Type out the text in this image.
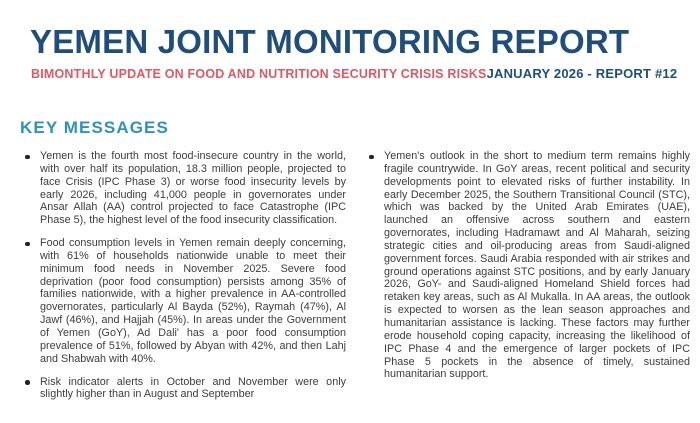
YEMEN JOINT MONITORING REPORT
BIMONTHLY UPDATE ON FOOD AND NUTRITION SECURITY CRISIS RISKS JANUARY 2026 - REPORT #12
KEY MESSAGES
Yemen is the fourth most food-insecure country in the world, with over half its population, 18.3 million people, projected to face Crisis (IPC Phase 3) or worse food insecurity levels by early 2026, including 41,000 people in governorates under Ansar Allah (AA) control projected to face Catastrophe (IPC Phase 5), the highest level of the food insecurity classification.
Food consumption levels in Yemen remain deeply concerning, with 61% of households nationwide unable to meet their minimum food needs in November 2025. Severe food deprivation (poor food consumption) persists among 35% of families nationwide, with a higher prevalence in AA-controlled governorates, particularly Al Bayda (52%), Raymah (47%), Al Jawf (46%), and Hajjah (45%). In areas under the Government of Yemen (GoY), Ad Dali' has a poor food consumption prevalence of 51%, followed by Abyan with 42%, and then Lahj and Shabwah with 40%.
Risk indicator alerts in October and November were only slightly higher than in August and September
Yemen's outlook in the short to medium term remains highly fragile countrywide. In GoY areas, recent political and security developments point to elevated risks of further instability. In early December 2025, the Southern Transitional Council (STC), which was backed by the United Arab Emirates (UAE), launched an offensive across southern and eastern governorates, including Hadramawt and Al Maharah, seizing strategic cities and oil-producing areas from Saudi-aligned government forces. Saudi Arabia responded with air strikes and ground operations against STC positions, and by early January 2026, GoY- and Saudi-aligned Homeland Shield forces had retaken key areas, such as Al Mukalla. In AA areas, the outlook is expected to worsen as the lean season approaches and humanitarian assistance is lacking. These factors may further erode household coping capacity, increasing the likelihood of IPC Phase 4 and the emergence of larger pockets of IPC Phase 5 pockets in the absence of timely, sustained humanitarian support.
